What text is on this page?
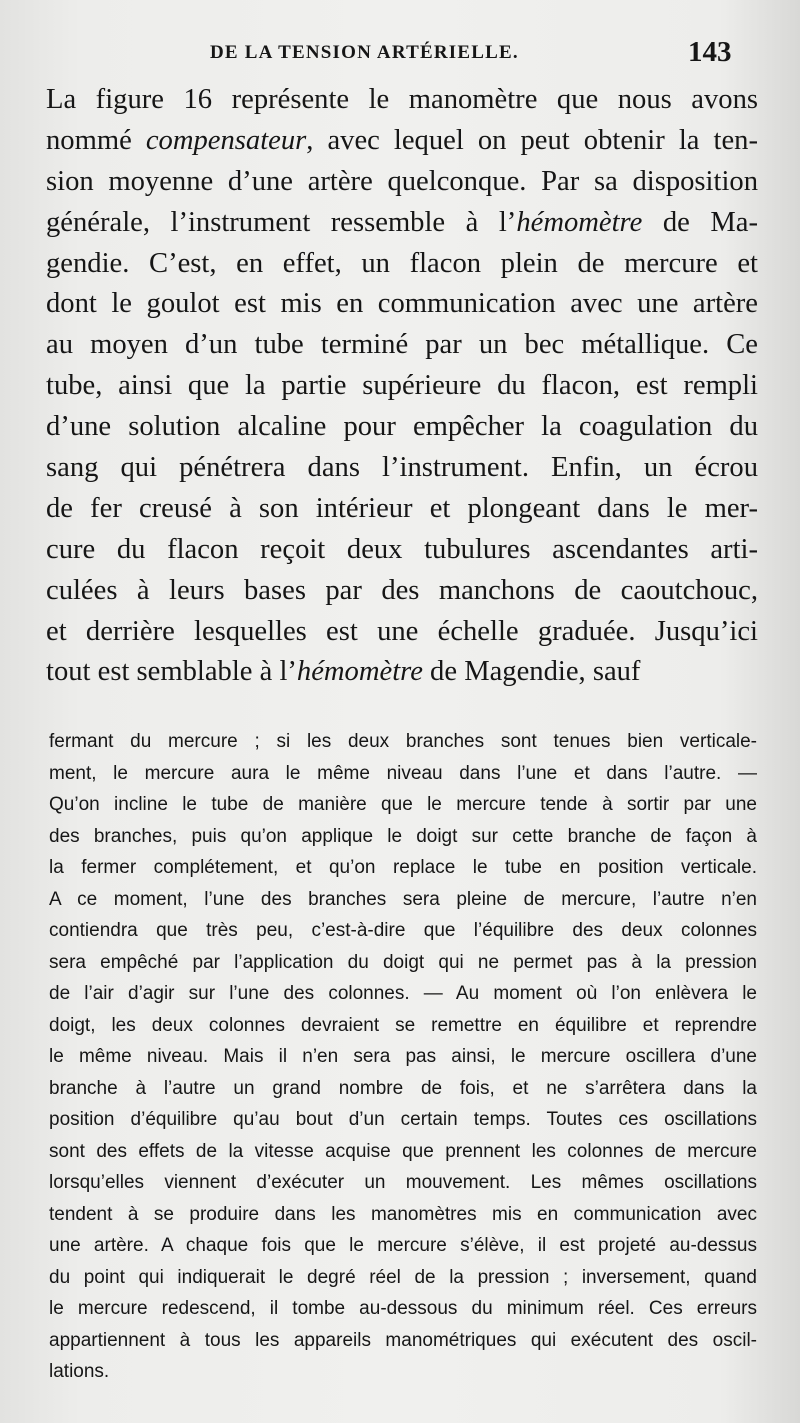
DE LA TENSION ARTÉRIELLE.	143
La figure 16 représente le manomètre que nous avons
nommé compensateur, avec lequel on peut obtenir la ten-
sion moyenne d’une artère quelconque. Par sa disposition
générale, l’instrument ressemble à l’hémomètre de Ma-
gendie. C’est, en effet, un flacon plein de mercure et
dont le goulot est mis en communication avec une artère
au moyen d’un tube terminé par un bec métallique. Ce
tube, ainsi que la partie supérieure du flacon, est rempli
d’une solution alcaline pour empêcher la coagulation du
sang qui pénétrera dans l’instrument. Enfin, un écrou
de fer creusé à son intérieur et plongeant dans le mer-
cure du flacon reçoit deux tubulures ascendantes arti-
culées à leurs bases par des manchons de caoutchouc,
et derrière lesquelles est une échelle graduée. Jusqu’ici
tout est semblable à l’hémomètre de Magendie, sauf
fermant du mercure ; si les deux branches sont tenues bien verticale-
ment, le mercure aura le même niveau dans l’une et dans l’autre. —
Qu’on incline le tube de manière que le mercure tende à sortir par une
des branches, puis qu’on applique le doigt sur cette branche de façon à
la fermer complétement, et qu’on replace le tube en position verticale.
A ce moment, l’une des branches sera pleine de mercure, l’autre n’en
contiendra que très peu, c’est-à-dire que l’équilibre des deux colonnes
sera empêché par l’application du doigt qui ne permet pas à la pression
de l’air d’agir sur l’une des colonnes. — Au moment où l’on enlèvera le
doigt, les deux colonnes devraient se remettre en équilibre et reprendre
le même niveau. Mais il n’en sera pas ainsi, le mercure oscillera d’une
branche à l’autre un grand nombre de fois, et ne s’arrêtera dans la
position d’équilibre qu’au bout d’un certain temps. Toutes ces oscillations
sont des effets de la vitesse acquise que prennent les colonnes de mercure
lorsqu’elles viennent d’exécuter un mouvement. Les mêmes oscillations
tendent à se produire dans les manomètres mis en communication avec
une artère. A chaque fois que le mercure s’élève, il est projeté au-dessus
du point qui indiquerait le degré réel de la pression ; inversement, quand
le mercure redescend, il tombe au-dessous du minimum réel. Ces erreurs
appartiennent à tous les appareils manométriques qui exécutent des oscil-
lations.
